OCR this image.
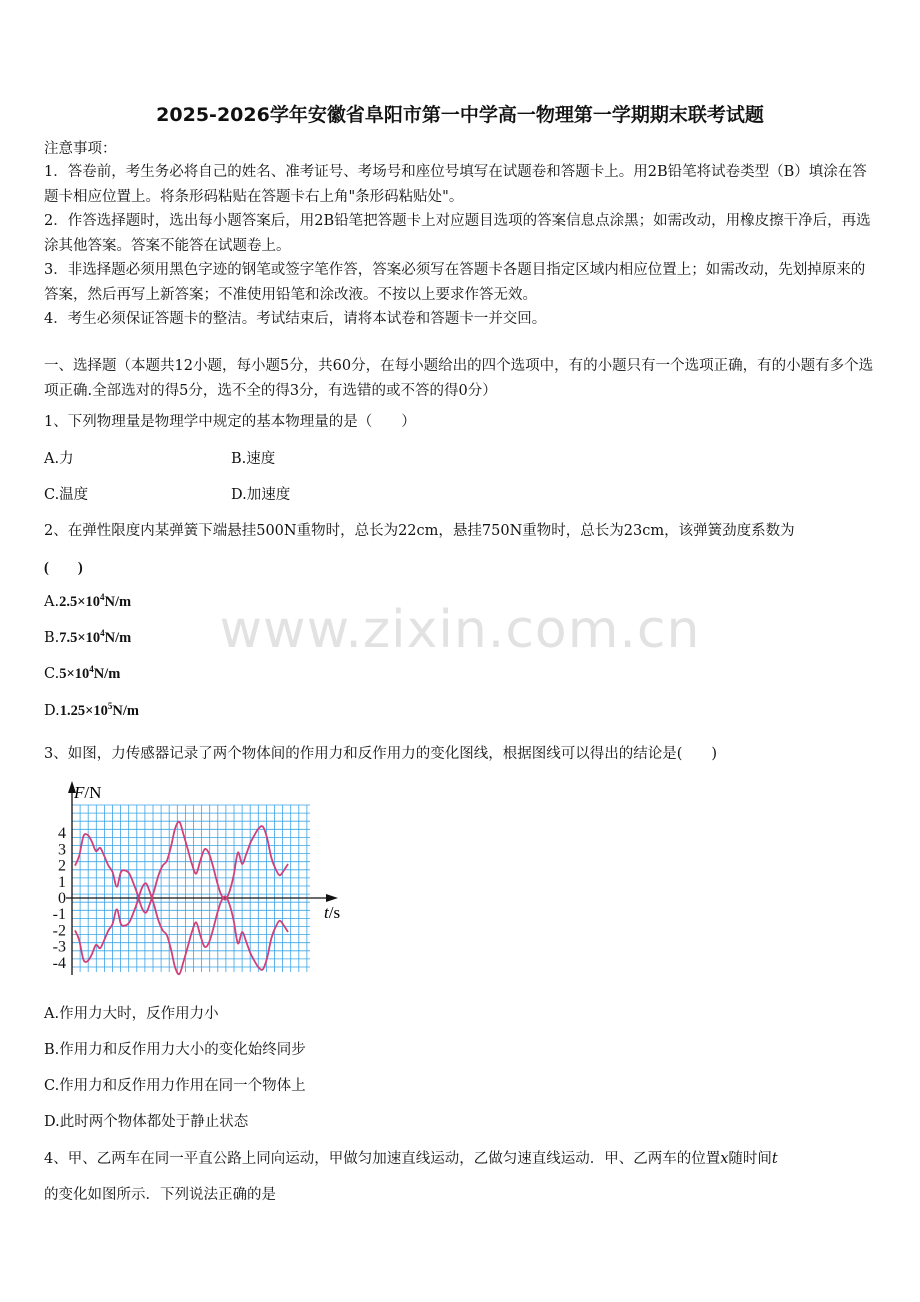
2025-2026学年安徽省阜阳市第一中学高一物理第一学期期末联考试题
注意事项：
1．答卷前，考生务必将自己的姓名、准考证号、考场号和座位号填写在试题卷和答题卡上。用2B铅笔将试卷类型（B）填涂在答题卡相应位置上。将条形码粘贴在答题卡右上角"条形码粘贴处"。
2．作答选择题时，选出每小题答案后，用2B铅笔把答题卡上对应题目选项的答案信息点涂黑；如需改动，用橡皮擦干净后，再选涂其他答案。答案不能答在试题卷上。
3．非选择题必须用黑色字迹的钢笔或签字笔作答，答案必须写在答题卡各题目指定区域内相应位置上；如需改动，先划掉原来的答案，然后再写上新答案；不准使用铅笔和涂改液。不按以上要求作答无效。
4．考生必须保证答题卡的整洁。考试结束后，请将本试卷和答题卡一并交回。
一、选择题（本题共12小题，每小题5分，共60分，在每小题给出的四个选项中，有的小题只有一个选项正确，有的小题有多个选项正确.全部选对的得5分，选不全的得3分，有选错的或不答的得0分）
1、下列物理量是物理学中规定的基本物理量的是（　　）
A.力	B.速度
C.温度	D.加速度
2、在弹性限度内某弹簧下端悬挂500N重物时，总长为22cm，悬挂750N重物时，总长为23cm，该弹簧劲度系数为
(　　)
$A.2.5\times 10^4N/m$
$B.7.5\times 10^4N/m$
$C.5\times 10^4N/m$
$D.1.25\times 10^5N/m$
www.zixin.com.cn
3、如图，力传感器记录了两个物体间的作用力和反作用力的变化图线，根据图线可以得出的结论是(　　)
4
3
2
1
0
-1
-2
-3
-4
F/N
t/s
A.作用力大时，反作用力小
B.作用力和反作用力大小的变化始终同步
C.作用力和反作用力作用在同一个物体上
D.此时两个物体都处于静止状态
4、甲、乙两车在同一平直公路上同向运动，甲做匀加速直线运动，乙做匀速直线运动．甲、乙两车的位置x随时间t
的变化如图所示．下列说法正确的是
